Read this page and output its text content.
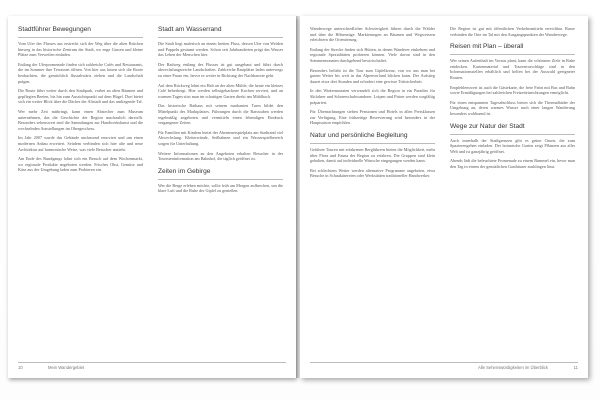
Stadtführer Bewegungen

Vom Ufer des Flusses aus erstreckt sich der Weg über die alten Brücken hinweg in das historische Zentrum der Stadt, wo enge Gassen und kleine Plätze zum Verweilen einladen.

Entlang der Uferpromenade finden sich zahlreiche Cafés und Restaurants, die im Sommer ihre Terrassen öffnen. Von hier aus lassen sich die Boote beobachten, die gemächlich flussabwärts ziehen und die Landschaft prägen.

Die Route führt weiter durch den Stadtpark, vorbei an alten Bäumen und gepflegten Beeten, bis hin zum Aussichtspunkt auf dem Hügel. Dort bietet sich ein weiter Blick über die Dächer der Altstadt und das umliegende Tal.

Wer mehr Zeit mitbringt, kann einen Abstecher zum Museum unternehmen, das die Geschichte der Region anschaulich darstellt. Besonders sehenswert sind die Sammlungen zur Handwerkskunst und die wechselnden Ausstellungen im Obergeschoss.

Im Jahr 2007 wurde das Gebäude umfassend renoviert und um einen modernen Anbau erweitert. Seitdem verbinden sich hier alte und neue Architektur auf harmonische Weise, was viele Besucher anzieht.

Am Ende des Rundgangs lohnt sich ein Besuch auf dem Wochenmarkt, wo regionale Produkte angeboten werden. Frisches Obst, Gemüse und Käse aus der Umgebung laden zum Probieren ein.

Stadt am Wasserrand

Die Stadt liegt malerisch an einem breiten Fluss, dessen Ufer von Weiden und Pappeln gesäumt werden. Schon seit Jahrhunderten prägt das Wasser das Leben der Menschen hier.

Der Radweg entlang des Flusses ist gut ausgebaut und führt durch abwechslungsreiche Landschaften. Zahlreiche Rastplätze laden unterwegs zu einer Pause ein, bevor es weiter in Richtung der Nachbarorte geht.

Auf dem Rückweg lohnt ein Halt an der alten Mühle, die heute ein kleines Café beherbergt. Hier werden selbstgebackene Kuchen serviert, und an warmen Tagen sitzt man im schattigen Garten direkt am Mühlbach.

Das historische Rathaus mit seinem markanten Turm bildet den Mittelpunkt des Marktplatzes. Führungen durch die Ratsstuben werden regelmäßig angeboten und vermitteln einen lebendigen Eindruck vergangener Zeiten.

Für Familien mit Kindern bietet der Abenteuerspielplatz am Stadtrand viel Abwechslung. Kletterwände, Seilbahnen und ein Wasserspielbereich sorgen für Unterhaltung.

Weitere Informationen zu den Angeboten erhalten Besucher in der Touristeninformation am Bahnhof, die täglich geöffnet ist.

Zeiten im Gebirge

Wer die Berge erleben möchte, sollte früh am Morgen aufbrechen, um die klare Luft und die Ruhe der Gipfel zu genießen.

10	Mein Wandergebiet

Wanderwege unterschiedlicher Schwierigkeit führen durch die Wälder und über die Höhenzüge. Markierungen an Bäumen und Wegweisern erleichtern die Orientierung.

Entlang der Strecke finden sich Hütten, in denen Wanderer einkehren und regionale Spezialitäten probieren können. Viele davon sind in den Sommermonaten durchgehend bewirtschaftet.

Besonders beliebt ist die Tour zum Gipfelkreuz, von wo aus man bei gutem Wetter bis weit in das Alpenvorland blicken kann. Der Aufstieg dauert etwa drei Stunden und erfordert eine gewisse Trittsicherheit.

In den Wintermonaten verwandelt sich die Region in ein Paradies für Skifahrer und Schneeschuhwanderer. Loipen und Pisten werden sorgfältig präpariert.

Für Übernachtungen stehen Pensionen und Hotels in allen Preisklassen zur Verfügung. Eine frühzeitige Reservierung wird besonders in der Hauptsaison empfohlen.

Natur und persönliche Begleitung

Geführte Touren mit erfahrenen Bergführern bieten die Möglichkeit, mehr über Flora und Fauna der Region zu erfahren. Die Gruppen sind klein gehalten, damit auf individuelle Wünsche eingegangen werden kann.

Bei schlechtem Wetter werden alternative Programme angeboten, etwa Besuche in Schaukäsereien oder Werkstätten traditioneller Handwerker.

Die Region ist gut mit öffentlichen Verkehrsmitteln erreichbar. Busse verbinden die Orte im Tal mit den Ausgangspunkten der Wanderwege.

Reisen mit Plan – überall

Wer seinen Aufenthalt im Voraus plant, kann die schönsten Ziele in Ruhe entdecken. Kartenmaterial und Tourenvorschläge sind in den Informationsstellen erhältlich und helfen bei der Auswahl geeigneter Routen.

Empfehlenswert ist auch die Gästekarte, die freie Fahrt mit Bus und Bahn sowie Ermäßigungen bei zahlreichen Freizeiteinrichtungen ermöglicht.

Für einen entspannten Tagesabschluss bieten sich die Thermalbäder der Umgebung an, deren warmes Wasser nach einer langen Wanderung besonders wohltuend ist.

Wege zur Natur der Stadt

Auch innerhalb der Stadtgrenzen gibt es grüne Oasen, die zum Spazierengehen einladen. Der botanische Garten zeigt Pflanzen aus aller Welt und ist ganzjährig geöffnet.

Abends lädt die beleuchtete Promenade zu einem Bummel ein, bevor man den Tag in einem der gemütlichen Gasthäuser ausklingen lässt.

Alle Sehenswürdigkeiten im Überblick	11
